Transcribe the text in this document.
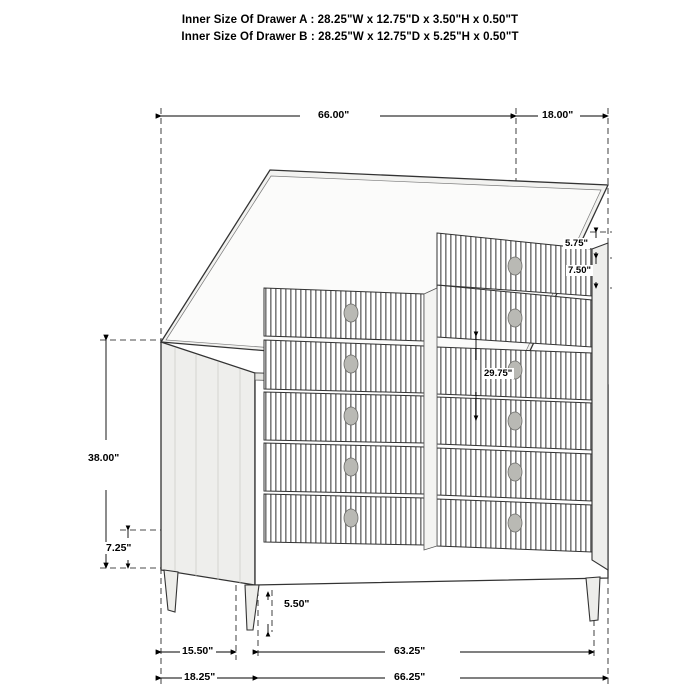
Inner Size Of Drawer A : 28.25"W x 12.75"D x 3.50"H x 0.50"T
Inner Size Of Drawer B : 28.25"W x 12.75"D x 5.25"H x 0.50"T
66.00"	18.00"
5.75"
7.50"
29.75"
38.00"
7.25"
5.50"
15.50"
18.25"
63.25"
66.25"
